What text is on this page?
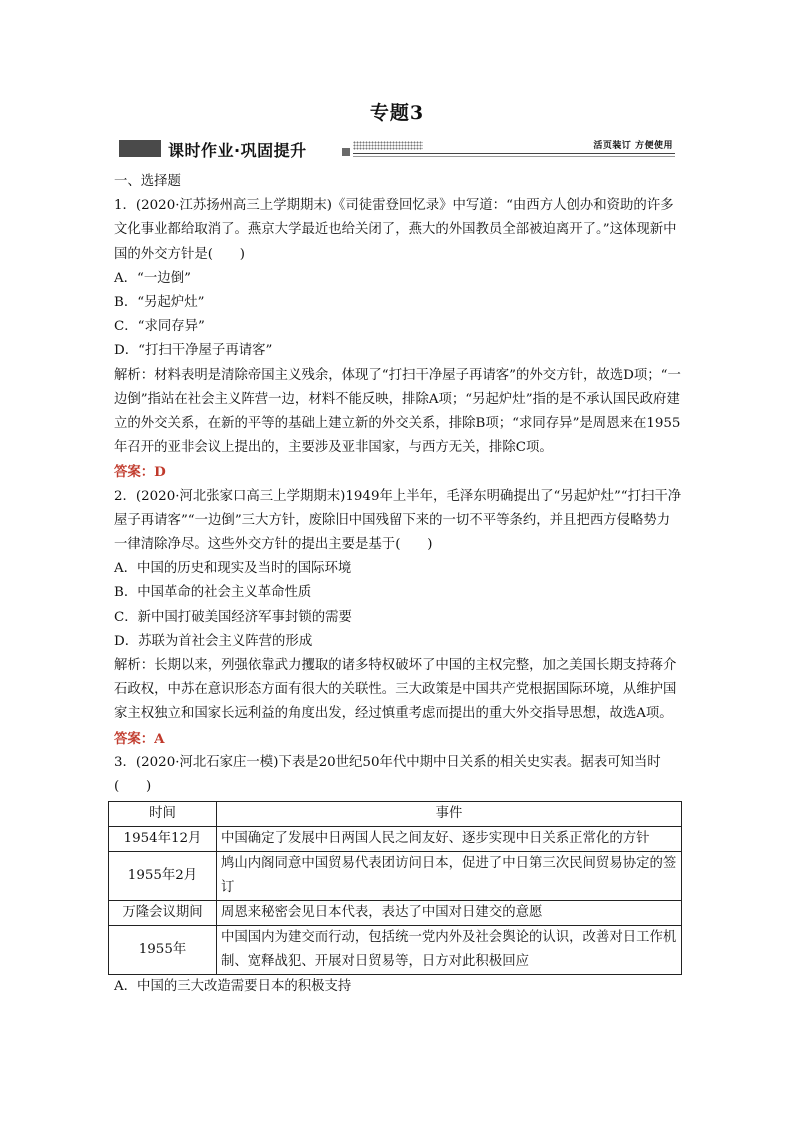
专题3
课时作业·巩固提升	活页装订 方便使用

一、选择题

1．(2020·江苏扬州高三上学期期末)《司徒雷登回忆录》中写道：“由西方人创办和资助的许多文化事业都给取消了。燕京大学最近也给关闭了，燕大的外国教员全部被迫离开了。”这体现新中国的外交方针是(　　)

A．“一边倒”

B．“另起炉灶”

C．“求同存异”

D．“打扫干净屋子再请客”

解析：材料表明是清除帝国主义残余，体现了“打扫干净屋子再请客”的外交方针，故选D项；“一边倒”指站在社会主义阵营一边，材料不能反映，排除A项；“另起炉灶”指的是不承认国民政府建立的外交关系，在新的平等的基础上建立新的外交关系，排除B项；“求同存异”是周恩来在1955年召开的亚非会议上提出的，主要涉及亚非国家，与西方无关，排除C项。

答案：D

2．(2020·河北张家口高三上学期期末)1949年上半年，毛泽东明确提出了“另起炉灶”“打扫干净屋子再请客”“一边倒”三大方针，废除旧中国残留下来的一切不平等条约，并且把西方侵略势力一律清除净尽。这些外交方针的提出主要是基于(　　)

A．中国的历史和现实及当时的国际环境

B．中国革命的社会主义革命性质

C．新中国打破美国经济军事封锁的需要

D．苏联为首社会主义阵营的形成

解析：长期以来，列强依靠武力攫取的诸多特权破坏了中国的主权完整，加之美国长期支持蒋介石政权，中苏在意识形态方面有很大的关联性。三大政策是中国共产党根据国际环境，从维护国家主权独立和国家长远利益的角度出发，经过慎重考虑而提出的重大外交指导思想，故选A项。

答案：A

3．(2020·河北石家庄一模)下表是20世纪50年代中期中日关系的相关史实表。据表可知当时(　　)

时间	事件
1954年12月	中国确定了发展中日两国人民之间友好、逐步实现中日关系正常化的方针
1955年2月	鸠山内阁同意中国贸易代表团访问日本，促进了中日第三次民间贸易协定的签订
万隆会议期间	周恩来秘密会见日本代表，表达了中国对日建交的意愿
1955年	中国国内为建交而行动，包括统一党内外及社会舆论的认识，改善对日工作机制、宽释战犯、开展对日贸易等，日方对此积极回应

A．中国的三大改造需要日本的积极支持
